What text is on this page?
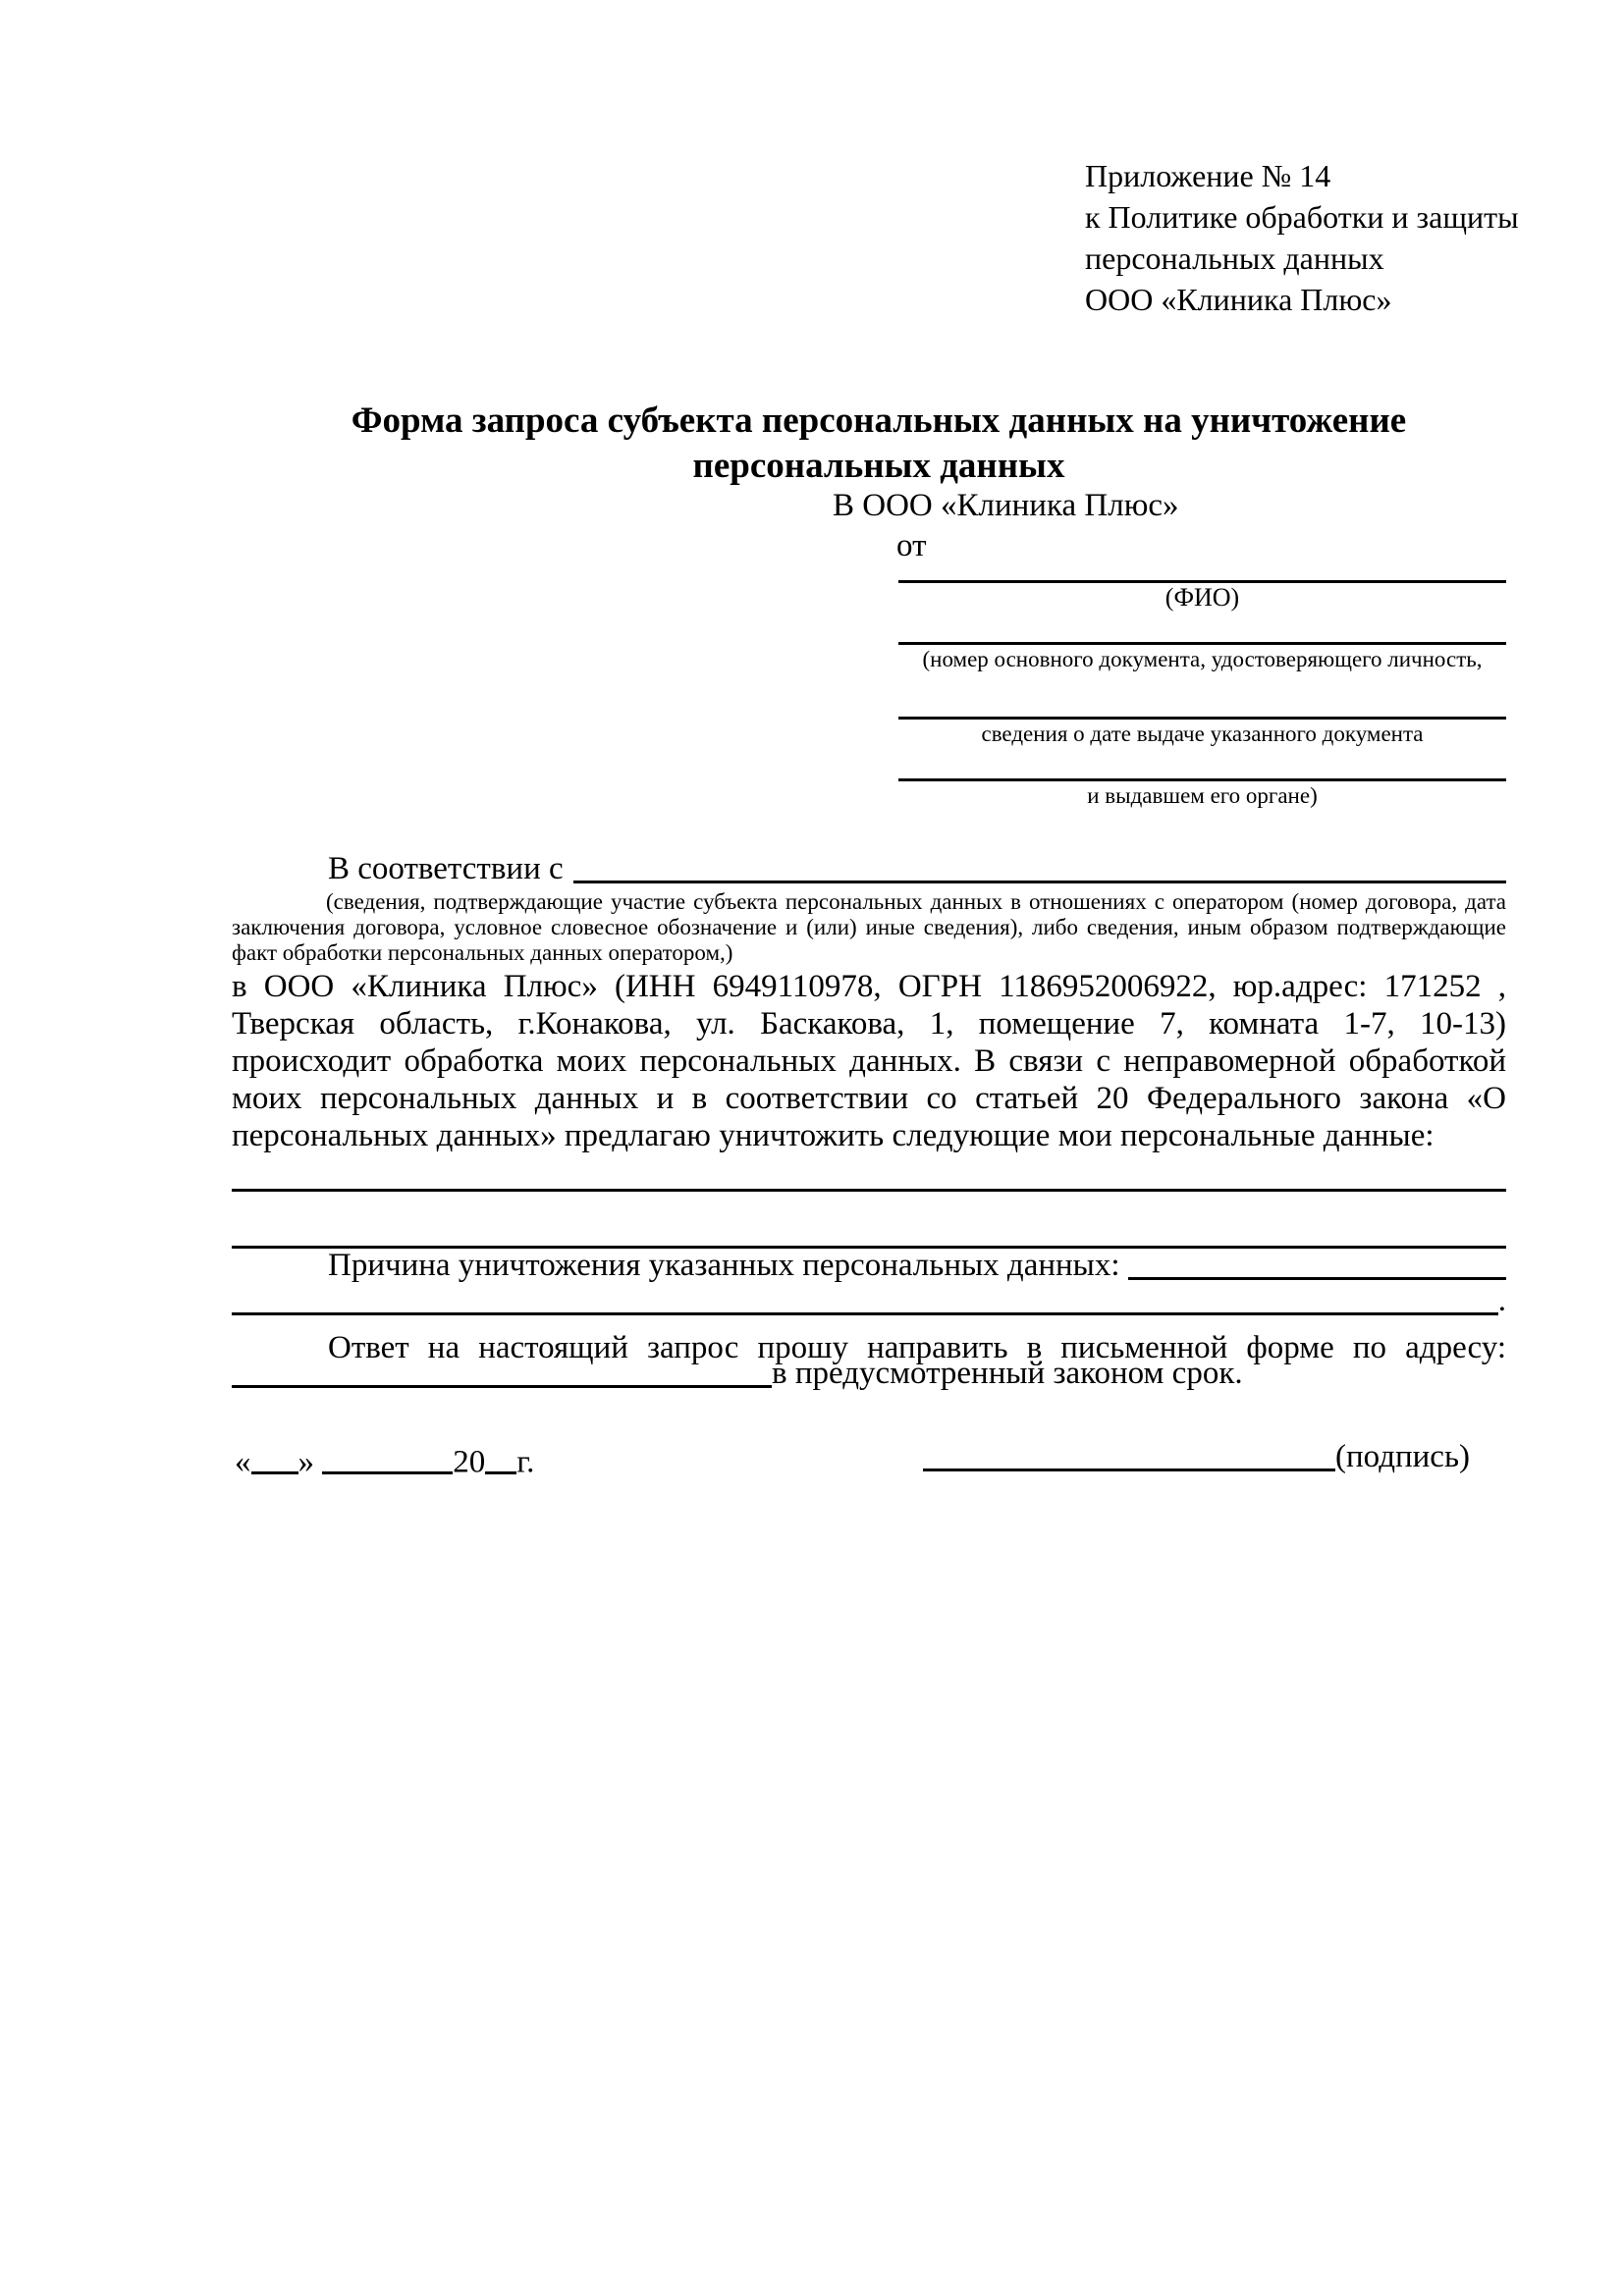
Приложение № 14
к Политике обработки и защиты
персональных данных
ООО «Клиника Плюс»
Форма запроса субъекта персональных данных на уничтожение персональных данных
В ООО «Клиника Плюс»
от
(ФИО)
(номер основного документа, удостоверяющего личность,
сведения о дате выдаче указанного документа
и выдавшем его органе)
В соответствии с
(сведения, подтверждающие участие субъекта персональных данных в отношениях с оператором (номер договора, дата заключения договора, условное словесное обозначение и (или) иные сведения), либо сведения, иным образом подтверждающие факт обработки персональных данных оператором,)
в ООО «Клиника Плюс» (ИНН 6949110978, ОГРН 1186952006922, юр.адрес: 171252 , Тверская область, г.Конакова, ул. Баскакова, 1, помещение 7, комната 1-7, 10-13) происходит обработка моих персональных данных. В связи с неправомерной обработкой моих персональных данных и в соответствии со статьей 20 Федерального закона «О персональных данных» предлагаю уничтожить следующие мои персональные данные:
Причина уничтожения указанных персональных данных:
.
Ответ на настоящий запрос прошу направить в письменной форме по адресу:
в предусмотренный законом срок.
« »	20 г.	(подпись)
